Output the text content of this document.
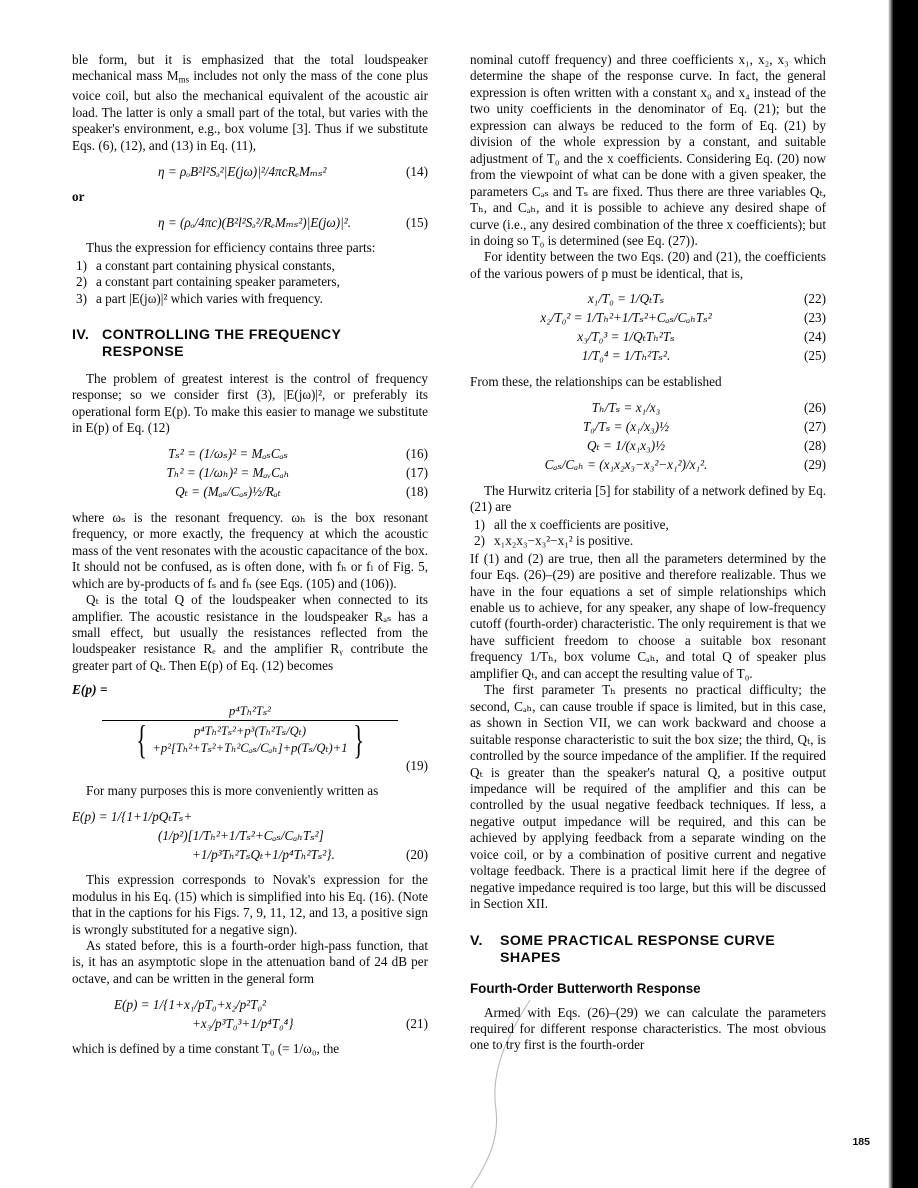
ble form, but it is emphasized that the total loudspeaker mechanical mass $M_{ms}$ includes not only the mass of the cone plus voice coil, but also the mechanical equivalent of the acoustic air load. The latter is only a small part of the total, but varies with the speaker's environment, e.g., box volume [3]. Thus if we substitute Eqs. (6), (12), and (13) in Eq. (11),

η = ρₒB²l²Sₔ²|E(jω)|²/4πcRₑMₘₛ²	(14)
or
η = (ρₒ/4πc)(B²l²Sₔ²/RₑMₘₛ²)|E(jω)|².	(15)

Thus the expression for efficiency contains three parts:

1) a constant part containing physical constants,
2) a constant part containing speaker parameters,
3) a part |E(jω)|² which varies with frequency.
IV. CONTROLLING THE FREQUENCY
RESPONSE

The problem of greatest interest is the control of frequency response; so we consider first (3), |E(jω)|², or preferably its operational form E(p). To make this easier to manage we substitute in E(p) of Eq. (12)

Tₛ² = (1/ωₛ)² = MₐₛCₐₛ	(16)
Tₕ² = (1/ωₕ)² = MₐᵥCₐₕ	(17)
Qₜ = (Mₐₛ/Cₐₛ)½/Rₐₜ	(18)

where ωₛ is the resonant frequency. ωₕ is the box resonant frequency, or more exactly, the frequency at which the acoustic mass of the vent resonates with the acoustic capacitance of the box. It should not be confused, as is often done, with fₕ or fₗ of Fig. 5, which are by-products of fₛ and fₕ (see Eqs. (105) and (106)).

Qₜ is the total Q of the loudspeaker when connected to its amplifier. The acoustic resistance in the loudspeaker Rₐₛ has a small effect, but usually the resistances reflected from the loudspeaker resistance Rₑ and the amplifier Rᵧ contribute the greater part of Qₜ. Then E(p) of Eq. (12) becomes

E(p) =
p⁴Tₕ²Tₛ²
{	p⁴Tₕ²Tₛ²+p³(Tₕ²Tₛ/Qₜ)
+p²[Tₕ²+Tₛ²+Tₕ²Cₐₛ/Cₐₕ]+p(Tₛ/Qₜ)+1 }
(19)

For many purposes this is more conveniently written as

E(p) = 1/{1+1/pQₜTₛ+
(1/p²)[1/Tₕ²+1/Tₛ²+Cₐₛ/CₐₕTₛ²]
+1/p³Tₕ²TₛQₜ+1/p⁴Tₕ²Tₛ²}.	(20)

This expression corresponds to Novak's expression for the modulus in his Eq. (15) which is simplified into his Eq. (16). (Note that in the captions for his Figs. 7, 9, 11, 12, and 13, a positive sign is wrongly substituted for a negative sign).

As stated before, this is a fourth-order high-pass function, that is, it has an asymptotic slope in the attenuation band of 24 dB per octave, and can be written in the general form

E(p) = 1/{1+x₁/pT₀+x₂/p²T₀²
+x₃/p³T₀³+1/p⁴T₀⁴}	(21)

which is defined by a time constant T₀ (= 1/ω₀, the

nominal cutoff frequency) and three coefficients x₁, x₂, x₃ which determine the shape of the response curve. In fact, the general expression is often written with a constant x₀ and x₄ instead of the two unity coefficients in the denominator of Eq. (21); but the expression can always be reduced to the form of Eq. (21) by division of the whole expression by a constant, and suitable adjustment of T₀ and the x coefficients. Considering Eq. (20) now from the viewpoint of what can be done with a given speaker, the parameters Cₐₛ and Tₛ are fixed. Thus there are three variables Qₜ, Tₕ, and Cₐₕ, and it is possible to achieve any desired shape of curve (i.e., any desired combination of the three x coefficients); but in doing so T₀ is determined (see Eq. (27)).

For identity between the two Eqs. (20) and (21), the coefficients of the various powers of p must be identical, that is,

x₁/T₀ = 1/QₜTₛ	(22)
x₂/T₀² = 1/Tₕ²+1/Tₛ²+Cₐₛ/CₐₕTₛ²	(23)
x₃/T₀³ = 1/QₜTₕ²Tₛ	(24)
1/T₀⁴ = 1/Tₕ²Tₛ².	(25)

From these, the relationships can be established

Tₕ/Tₛ = x₁/x₃	(26)
T₀/Tₛ = (x₁/x₃)½	(27)
Qₜ = 1/(x₁x₃)½	(28)
Cₐₛ/Cₐₕ = (x₁x₂x₃−x₃²−x₁²)/x₁².	(29)

The Hurwitz criteria [5] for stability of a network defined by Eq. (21) are

1) all the x coefficients are positive,
2) x₁x₂x₃−x₃²−x₁² is positive.

If (1) and (2) are true, then all the parameters determined by the four Eqs. (26)–(29) are positive and therefore realizable. Thus we have in the four equations a set of simple relationships which enable us to achieve, for any speaker, any shape of low-frequency cutoff (fourth-order) characteristic. The only requirement is that we have sufficient freedom to choose a suitable box resonant frequency 1/Tₕ, box volume Cₐₕ, and total Q of speaker plus amplifier Qₜ, and can accept the resulting value of T₀.

The first parameter Tₕ presents no practical difficulty; the second, Cₐₕ, can cause trouble if space is limited, but in this case, as shown in Section VII, we can work backward and choose a suitable response characteristic to suit the box size; the third, Qₜ, is controlled by the source impedance of the amplifier. If the required Qₜ is greater than the speaker's natural Q, a positive output impedance will be required of the amplifier and this can be controlled by the usual negative feedback techniques. If less, a negative output impedance will be required, and this can be achieved by applying feedback from a separate winding on the voice coil, or by a combination of positive current and negative voltage feedback. There is a practical limit here if the degree of negative impedance required is too large, but this will be discussed in Section XII.

V. SOME PRACTICAL RESPONSE CURVE
SHAPES
Fourth-Order Butterworth Response

Armed with Eqs. (26)–(29) we can calculate the parameters required for different response characteristics. The most obvious one to try first is the fourth-order

185
